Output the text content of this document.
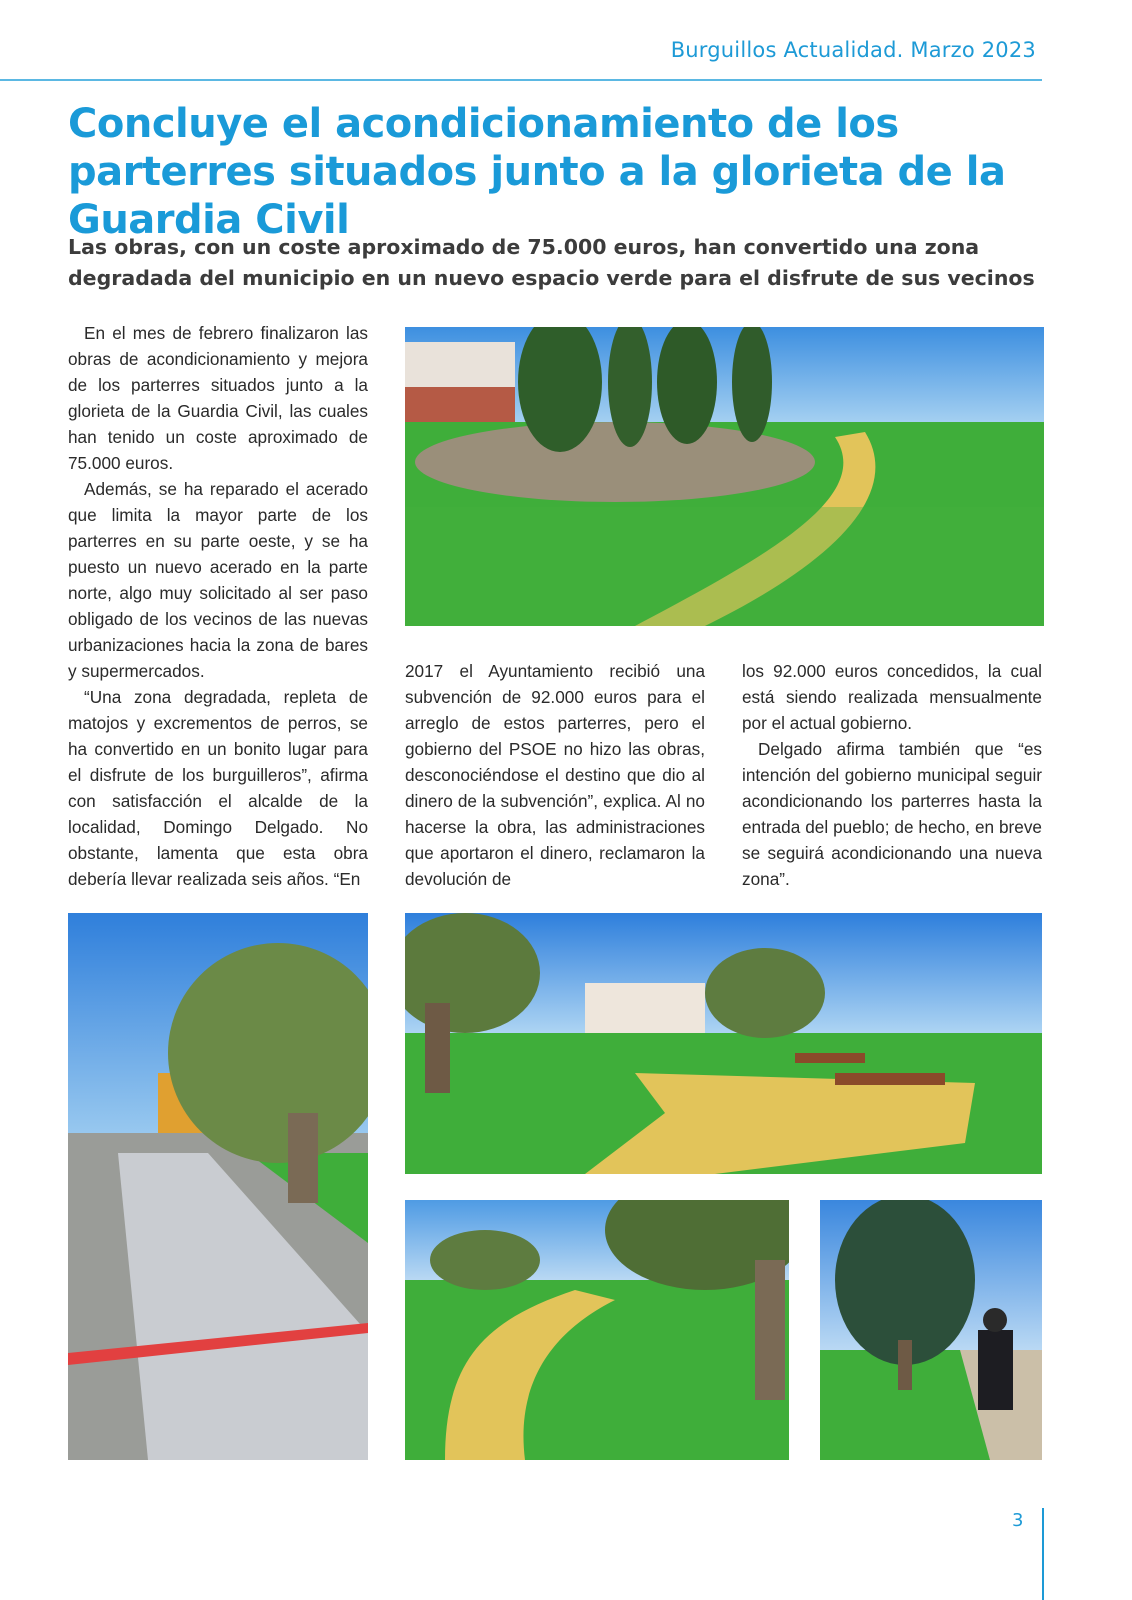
Burguillos Actualidad. Marzo 2023
Concluye el acondicionamiento de los parterres situados junto a la glorieta de la Guardia Civil
Las obras, con un coste aproximado de 75.000 euros, han convertido una zona degradada del municipio en un nuevo espacio verde para el disfrute de sus vecinos

En el mes de febrero finalizaron las obras de acondicionamiento y mejora de los parterres situados junto a la glorieta de la Guardia Civil, las cuales han tenido un coste aproximado de 75.000 euros.

Además, se ha reparado el acerado que limita la mayor parte de los parterres en su parte oeste, y se ha puesto un nuevo acerado en la parte norte, algo muy solicitado al ser paso obligado de los vecinos de las nuevas urbanizaciones hacia la zona de bares y supermercados.

“Una zona degradada, repleta de matojos y excrementos de perros, se ha convertido en un bonito lugar para el disfrute de los burguilleros”, afirma con satisfacción el alcalde de la localidad, Domingo Delgado. No obstante, lamenta que esta obra debería llevar realizada seis años. “En

2017 el Ayuntamiento recibió una subvención de 92.000 euros para el arreglo de estos parterres, pero el gobierno del PSOE no hizo las obras, desconociéndose el destino que dio al dinero de la subvención”, explica. Al no hacerse la obra, las administraciones que aportaron el dinero, reclamaron la devolución de

los 92.000 euros concedidos, la cual está siendo realizada mensualmente por el actual gobierno.

Delgado afirma también que “es intención del gobierno municipal seguir acondicionando los parterres hasta la entrada del pueblo; de hecho, en breve se seguirá acondicionando una nueva zona”.

3
